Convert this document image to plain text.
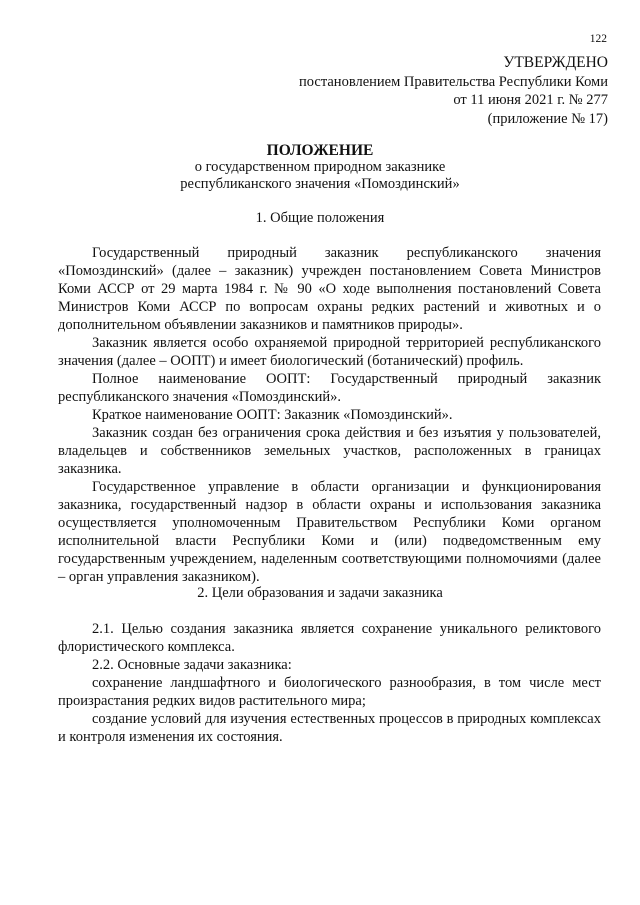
122
УТВЕРЖДЕНО
постановлением Правительства Республики Коми
от 11 июня 2021 г. № 277
(приложение № 17)
ПОЛОЖЕНИЕ
о государственном природном заказнике
республиканского значения «Помоздинский»
1. Общие положения

Государственный природный заказник республиканского значения «Помоздинский» (далее – заказник) учрежден постановлением Совета Министров Коми АССР от 29 марта 1984 г. № 90 «О ходе выполнения постановлений Совета Министров Коми АССР по вопросам охраны редких растений и животных и о дополнительном объявлении заказников и памятников природы».

Заказник является особо охраняемой природной территорией республиканского значения (далее – ООПТ) и имеет биологический (ботанический) профиль.

Полное наименование ООПТ: Государственный природный заказник республиканского значения «Помоздинский».

Краткое наименование ООПТ: Заказник «Помоздинский».

Заказник создан без ограничения срока действия и без изъятия у пользователей, владельцев и собственников земельных участков, расположенных в границах заказника.

Государственное управление в области организации и функционирования заказника, государственный надзор в области охраны и использования заказника осуществляется уполномоченным Правительством Республики Коми органом исполнительной власти Республики Коми и (или) подведомственным ему государственным учреждением, наделенным соответствующими полномочиями (далее – орган управления заказником).

2. Цели образования и задачи заказника

2.1. Целью создания заказника является сохранение уникального реликтового флористического комплекса.

2.2. Основные задачи заказника:

сохранение ландшафтного и биологического разнообразия, в том числе мест произрастания редких видов растительного мира;

создание условий для изучения естественных процессов в природных комплексах и контроля изменения их состояния.
